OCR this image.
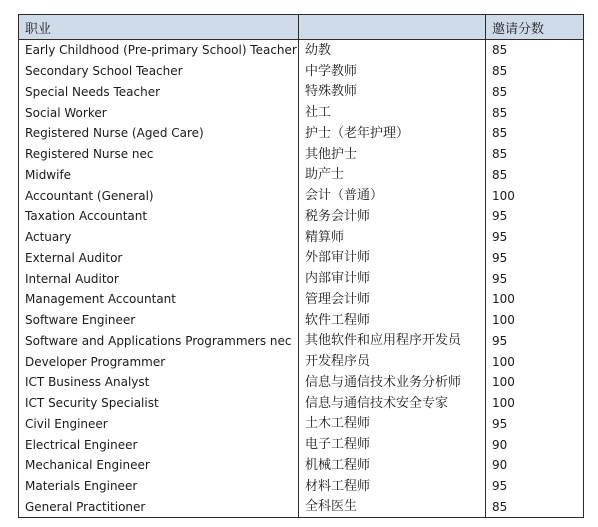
职业		邀请分数
Early Childhood (Pre-primary School) Teacher	幼教	85
Secondary School Teacher	中学教师	85
Special Needs Teacher	特殊教师	85
Social Worker	社工	85
Registered Nurse (Aged Care)	护士（老年护理）	85
Registered Nurse nec	其他护士	85
Midwife	助产士	85
Accountant (General)	会计（普通）	100
Taxation Accountant	税务会计师	95
Actuary	精算师	95
External Auditor	外部审计师	95
Internal Auditor	内部审计师	95
Management Accountant	管理会计师	100
Software Engineer	软件工程师	100
Software and Applications Programmers nec	其他软件和应用程序开发员	95
Developer Programmer	开发程序员	100
ICT Business Analyst	信息与通信技术业务分析师	100
ICT Security Specialist	信息与通信技术安全专家	100
Civil Engineer	土木工程师	95
Electrical Engineer	电子工程师	90
Mechanical Engineer	机械工程师	90
Materials Engineer	材料工程师	95
General Practitioner	全科医生	85
